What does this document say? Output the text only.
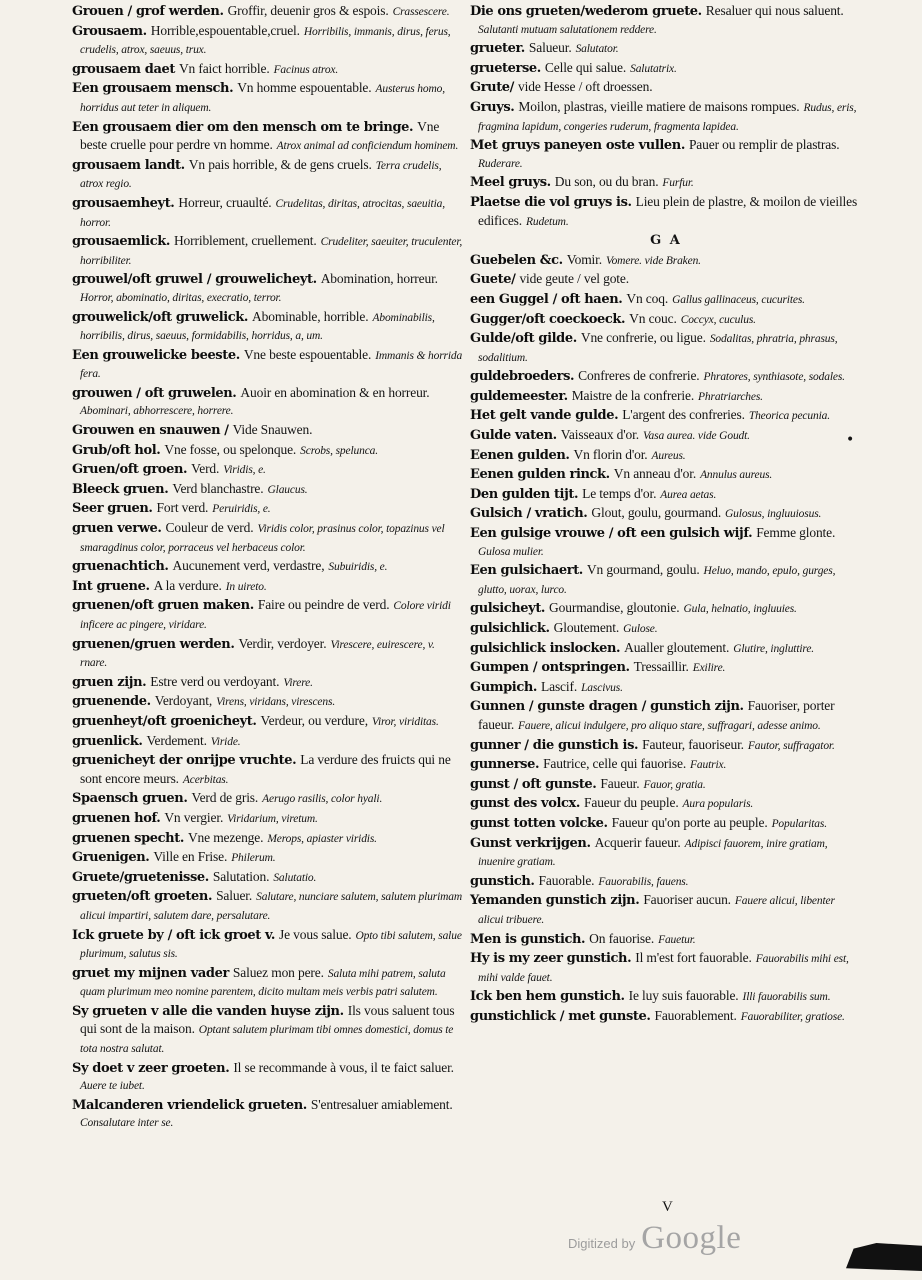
Grouen / grof werden. Groffir, deuenir gros & espois. Crassescere.

Grousaem. Horrible,espouentable,cruel. Horribilis, immanis, dirus, ferus, crudelis, atrox, saeuus, trux.

grousaem daet Vn faict horrible. Facinus atrox.

Een grousaem mensch. Vn homme espouentable. Austerus homo, horridus aut teter in aliquem.

Een grousaem dier om den mensch om te bringe. Vne beste cruelle pour perdre vn homme. Atrox animal ad conficiendum hominem.

grousaem landt. Vn pais horrible, & de gens cruels. Terra crudelis, atrox regio.

grousaemheyt. Horreur, cruaulté. Crudelitas, diritas, atrocitas, saeuitia, horror.

grousaemlick. Horriblement, cruellement. Crudeliter, saeuiter, truculenter, horribiliter.

grouwel/oft gruwel / grouwelicheyt. Abomination, horreur. Horror, abominatio, diritas, execratio, terror.

grouwelick/oft gruwelick. Abominable, horrible. Abominabilis, horribilis, dirus, saeuus, formidabilis, horridus, a, um.

Een grouwelicke beeste. Vne beste espouentable. Immanis & horrida fera.

grouwen / oft gruwelen. Auoir en abomination & en horreur. Abominari, abhorrescere, horrere.

Grouwen en snauwen / Vide Snauwen.

Grub/oft hol. Vne fosse, ou spelonque. Scrobs, spelunca.

Gruen/oft groen. Verd. Viridis, e.

Bleeck gruen. Verd blanchastre. Glaucus.

Seer gruen. Fort verd. Peruiridis, e.

gruen verwe. Couleur de verd. Viridis color, prasinus color, topazinus vel smaragdinus color, porraceus vel herbaceus color.

gruenachtich. Aucunement verd, verdastre, Subuiridis, e.

Int gruene. A la verdure. In uireto.

gruenen/oft gruen maken. Faire ou peindre de verd. Colore viridi inficere ac pingere, viridare.

gruenen/gruen werden. Verdir, verdoyer. Virescere, euirescere, v. rnare.

gruen zijn. Estre verd ou verdoyant. Virere.

gruenende. Verdoyant, Virens, viridans, virescens.

gruenheyt/oft groenicheyt. Verdeur, ou verdure, Viror, viriditas.

gruenlick. Verdement. Viride.

gruenicheyt der onrijpe vruchte. La verdure des fruicts qui ne sont encore meurs. Acerbitas.

Spaensch gruen. Verd de gris. Aerugo rasilis, color hyali.

gruenen hof. Vn vergier. Viridarium, viretum.

gruenen specht. Vne mezenge. Merops, apiaster viridis.

Gruenigen. Ville en Frise. Philerum.

Gruete/gruetenisse. Salutation. Salutatio.

grueten/oft groeten. Saluer. Salutare, nunciare salutem, salutem plurimam alicui impartiri, salutem dare, persalutare.

Ick gruete by / oft ick groet v. Je vous salue. Opto tibi salutem, salue plurimum, salutus sis.

gruet my mijnen vader Saluez mon pere. Saluta mihi patrem, saluta quam plurimum meo nomine parentem, dicito multam meis verbis patri salutem.

Sy grueten v alle die vanden huyse zijn. Ils vous saluent tous qui sont de la maison. Optant salutem plurimam tibi omnes domestici, domus te tota nostra salutat.

Sy doet v zeer groeten. Il se recommande à vous, il te faict saluer. Auere te iubet.

Malcanderen vriendelick grueten. S'entresaluer amiablement. Consalutare inter se.

Die ons grueten/wederom gruete. Resaluer qui nous saluent. Salutanti mutuam salutationem reddere.

grueter. Salueur. Salutator.

grueterse. Celle qui salue. Salutatrix.

Grute/ vide Hesse / oft droessen.

Gruys. Moilon, plastras, vieille matiere de maisons rompues. Rudus, eris, fragmina lapidum, congeries ruderum, fragmenta lapidea.

Met gruys paneyen oste vullen. Pauer ou remplir de plastras. Ruderare.

Meel gruys. Du son, ou du bran. Furfur.

Plaetse die vol gruys is. Lieu plein de plastre, & moilon de vieilles edifices. Rudetum.

G A

Guebelen &c. Vomir. Vomere. vide Braken.

Guete/ vide geute / vel gote.

een Guggel / oft haen. Vn coq. Gallus gallinaceus, cucurites.

Gugger/oft coeckoeck. Vn couc. Coccyx, cuculus.

Gulde/oft gilde. Vne confrerie, ou ligue. Sodalitas, phratria, phrasus, sodalitium.

guldebroeders. Confreres de confrerie. Phratores, synthiasote, sodales.

guldemeester. Maistre de la confrerie. Phratriarches.

Het gelt vande gulde. L'argent des confreries. Theorica pecunia.

Gulde vaten. Vaisseaux d'or. Vasa aurea. vide Goudt.

Eenen gulden. Vn florin d'or. Aureus.

Eenen gulden rinck. Vn anneau d'or. Annulus aureus.

Den gulden tijt. Le temps d'or. Aurea aetas.

Gulsich / vratich. Glout, goulu, gourmand. Gulosus, ingluuiosus.

Een gulsige vrouwe / oft een gulsich wijf. Femme glonte. Gulosa mulier.

Een gulsichaert. Vn gourmand, goulu. Heluo, mando, epulo, gurges, glutto, uorax, lurco.

gulsicheyt. Gourmandise, gloutonie. Gula, helnatio, ingluuies.

gulsichlick. Gloutement. Gulose.

gulsichlick inslocken. Aualler gloutement. Glutire, ingluttire.

Gumpen / ontspringen. Tressaillir. Exilire.

Gumpich. Lascif. Lascivus.

Gunnen / gunste dragen / gunstich zijn. Fauoriser, porter faueur. Fauere, alicui indulgere, pro aliquo stare, suffragari, adesse animo.

gunner / die gunstich is. Fauteur, fauoriseur. Fautor, suffragator.

gunnerse. Fautrice, celle qui fauorise. Fautrix.

gunst / oft gunste. Faueur. Fauor, gratia.

gunst des volcx. Faueur du peuple. Aura popularis.

gunst totten volcke. Faueur qu'on porte au peuple. Popularitas.

Gunst verkrijgen. Acquerir faueur. Adipisci fauorem, inire gratiam, inuenire gratiam.

gunstich. Fauorable. Fauorabilis, fauens.

Yemanden gunstich zijn. Fauoriser aucun. Fauere alicui, libenter alicui tribuere.

Men is gunstich. On fauorise. Fauetur.

Hy is my zeer gunstich. Il m'est fort fauorable. Fauorabilis mihi est, mihi valde fauet.

Ick ben hem gunstich. Ie luy suis fauorable. Illi fauorabilis sum.

gunstichlick / met gunste. Fauorablement. Fauorabiliter, gratiose.

•
V
Digitized by Google
